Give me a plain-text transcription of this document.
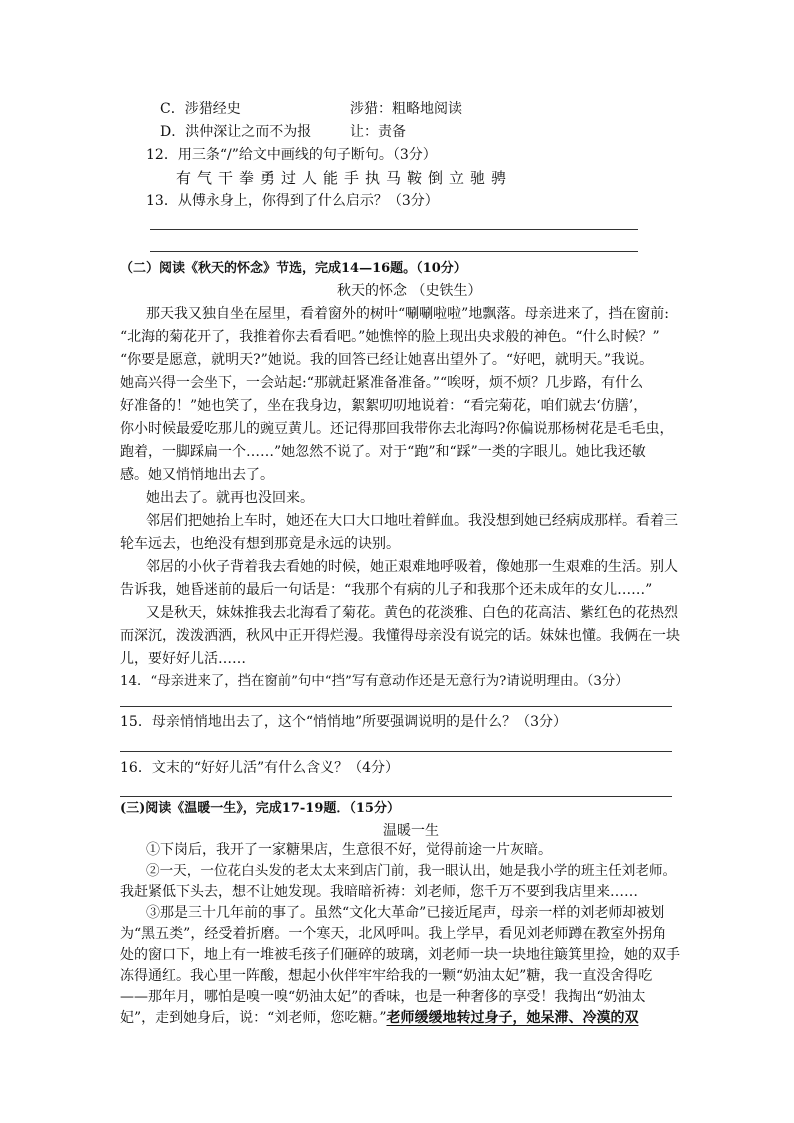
C．涉猎经史	涉猎：粗略地阅读
D．洪仲深让之而不为报	让：责备
12．用三条“/”给文中画线的句子断句。（3分）
有气干拳勇过人能手执马鞍倒立驰骋
13．从傅永身上，你得到了什么启示？（3分）
（二）阅读《秋天的怀念》节选，完成14—16题。（10分）
秋天的怀念 （史铁生）
那天我又独自坐在屋里，看着窗外的树叶“唰唰啦啦”地飘落。母亲进来了，挡在窗前:
“北海的菊花开了，我推着你去看看吧。”她憔悴的脸上现出央求般的神色。“什么时候？”
“你要是愿意，就明天?”她说。我的回答已经让她喜出望外了。“好吧，就明天。”我说。
她高兴得一会坐下，一会站起:“那就赶紧准备准备。”“唉呀，烦不烦？几步路，有什么
好准备的！”她也笑了，坐在我身边，絮絮叨叨地说着：“看完菊花，咱们就去‘仿膳’，
你小时候最爱吃那儿的豌豆黄儿。还记得那回我带你去北海吗?你偏说那杨树花是毛毛虫，
跑着，一脚踩扁一个……”她忽然不说了。对于“跑”和“踩”一类的字眼儿。她比我还敏
感。她又悄悄地出去了。
她出去了。就再也没回来。
邻居们把她抬上车时，她还在大口大口地吐着鲜血。我没想到她已经病成那样。看着三
轮车远去，也绝没有想到那竟是永远的诀别。
邻居的小伙子背着我去看她的时候，她正艰难地呼吸着，像她那一生艰难的生活。别人
告诉我，她昏迷前的最后一句话是：“我那个有病的儿子和我那个还未成年的女儿……”
又是秋天，妹妹推我去北海看了菊花。黄色的花淡雅、白色的花高洁、紫红色的花热烈
而深沉，泼泼洒洒，秋风中正开得烂漫。我懂得母亲没有说完的话。妹妹也懂。我俩在一块
儿，要好好儿活……
14．“母亲进来了，挡在窗前”句中“挡”写有意动作还是无意行为?请说明理由。（3分）
15．母亲悄悄地出去了，这个“悄悄地”所要强调说明的是什么？（3分）
16．文末的“好好儿活”有什么含义？（4分）
(三)阅读《温暖一生》，完成17-19题．（15分）
温暖一生
①下岗后，我开了一家糖果店，生意很不好，觉得前途一片灰暗。
②一天，一位花白头发的老太太来到店门前，我一眼认出，她是我小学的班主任刘老师。
我赶紧低下头去，想不让她发现。我暗暗祈祷：刘老师，您千万不要到我店里来……
③那是三十几年前的事了。虽然“文化大革命”已接近尾声，母亲一样的刘老师却被划
为“黑五类”，经受着折磨。一个寒天，北风呼叫。我上学早，看见刘老师蹲在教室外拐角
处的窗口下，地上有一堆被毛孩子们砸碎的玻璃，刘老师一块一块地往簸箕里捡，她的双手
冻得通红。我心里一阵酸，想起小伙伴牢牢给我的一颗“奶油太妃”糖，我一直没舍得吃
——那年月，哪怕是嗅一嗅“奶油太妃”的香味，也是一种奢侈的享受！我掏出“奶油太
妃”，走到她身后，说：“刘老师，您吃糖。”老师缓缓地转过身子，她呆滞、冷漠的双
